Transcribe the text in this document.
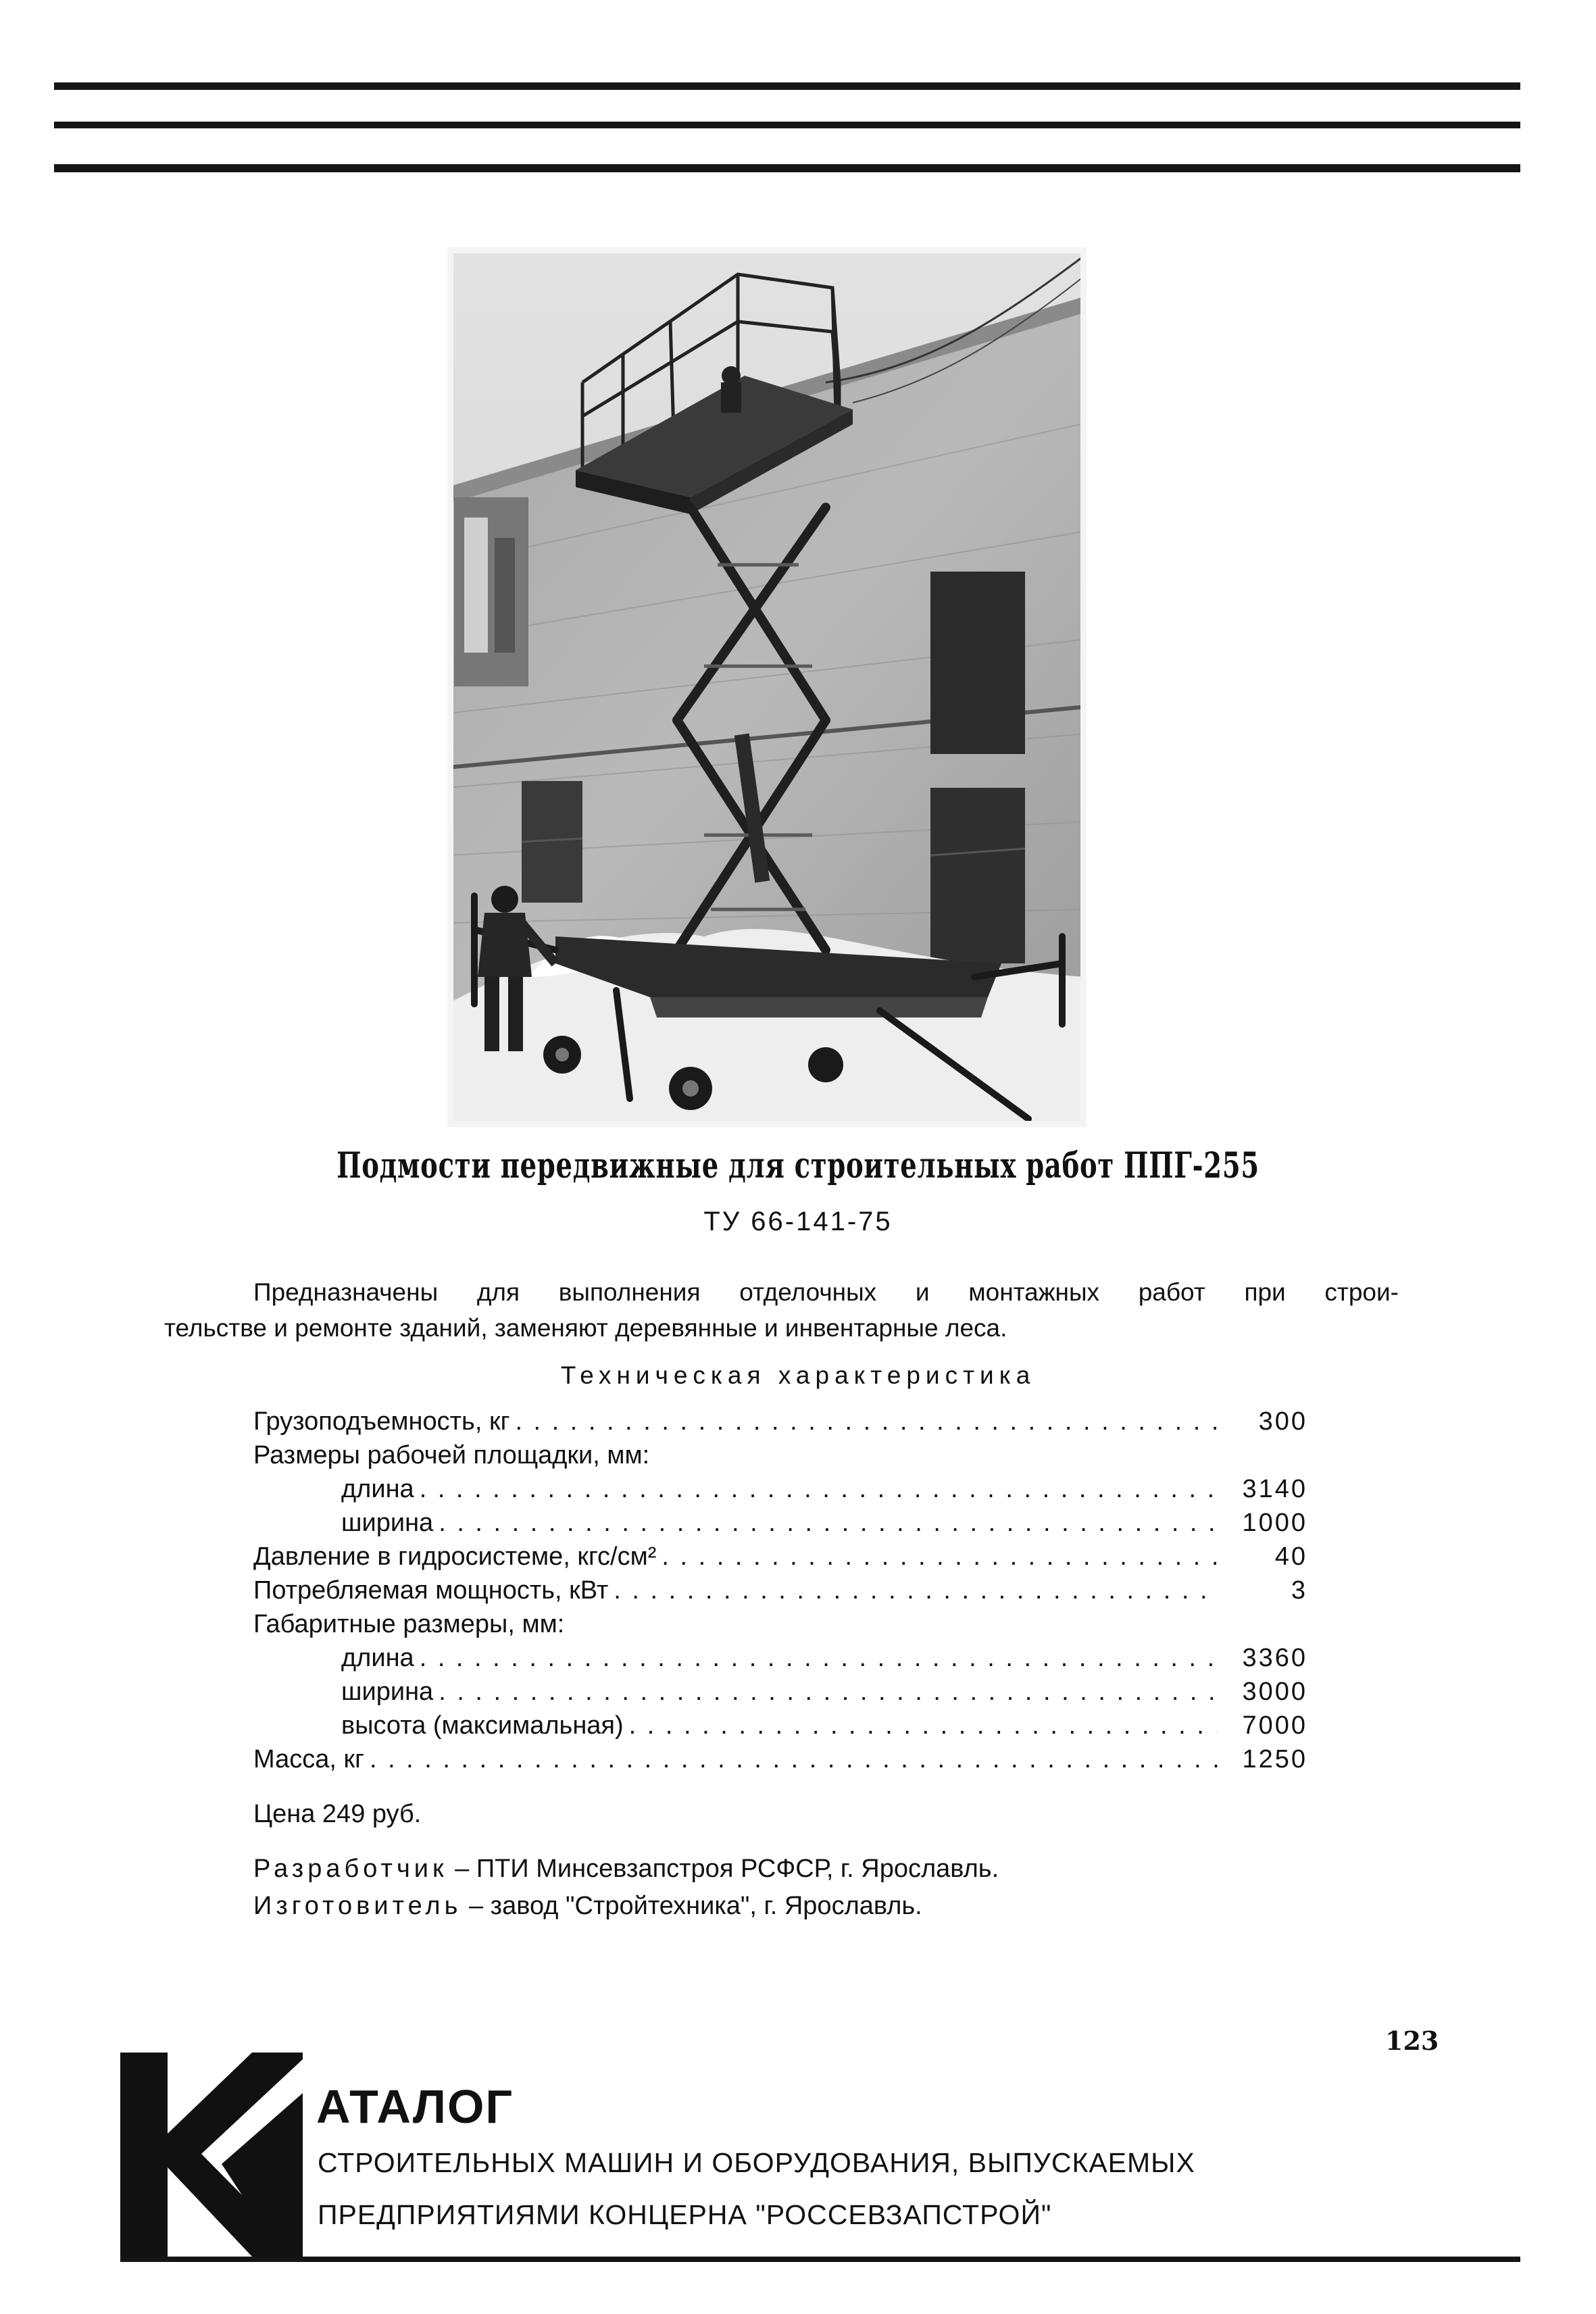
Подмости передвижные для строительных работ ППГ-255
ТУ 66-141-75
Предназначены для выполнения отделочных и монтажных работ при строи-
тельстве и ремонте зданий, заменяют деревянные и инвентарные леса.
Техническая характеристика
Грузоподъемность, кг . . .	300
Размеры рабочей площадки, мм:
длина . . .	3140
ширина . . .	1000
Давление в гидросистеме, кгс/см² . . .	40
Потребляемая мощность, кВт . . .	3
Габаритные размеры, мм:
длина . . .	3360
ширина . . .	3000
высота (максимальная) . . .	7000
Масса, кг . . .	1250
Цена 249 руб.
Разработчик – ПТИ Минсевзапстроя РСФСР, г. Ярославль.
Изготовитель – завод "Стройтехника", г. Ярославль.
123
АТАЛОГ
СТРОИТЕЛЬНЫХ МАШИН И ОБОРУДОВАНИЯ, ВЫПУСКАЕМЫХ
ПРЕДПРИЯТИЯМИ КОНЦЕРНА "РОССЕВЗАПСТРОЙ"
